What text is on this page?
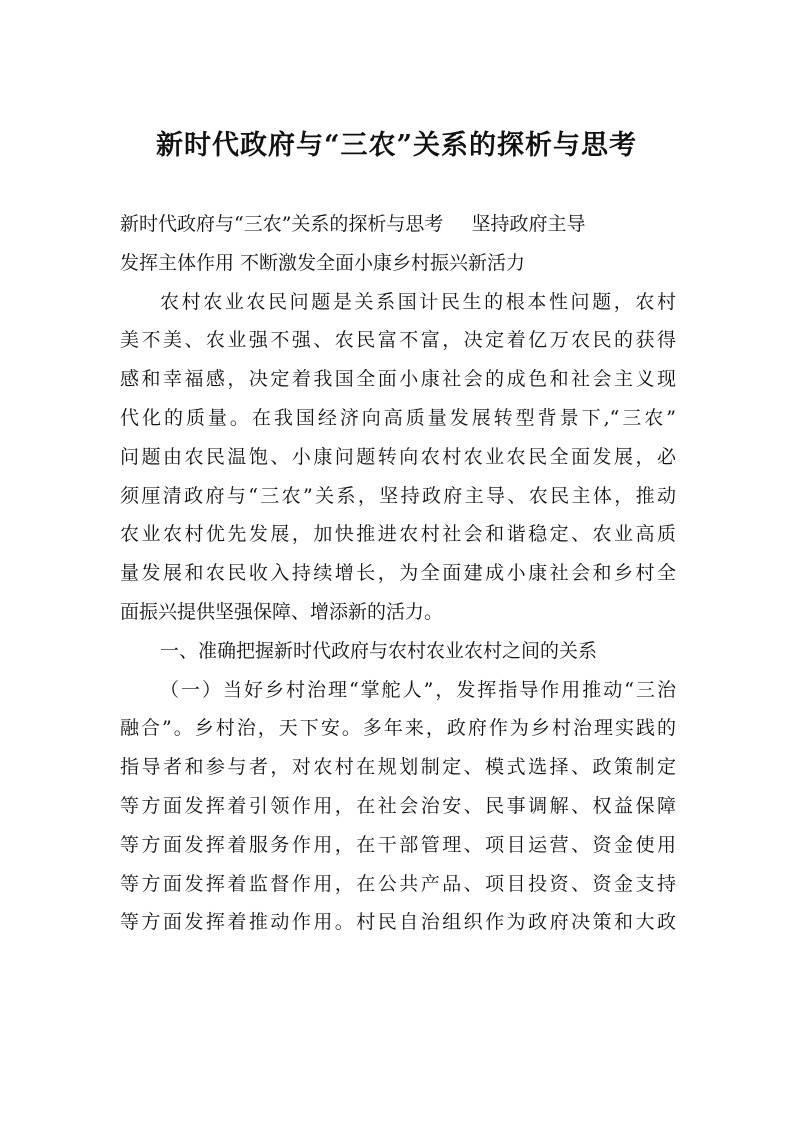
新时代政府与“三农”关系的探析与思考
新时代政府与“三农”关系的探析与思考 坚持政府主导
发挥主体作用 不断激发全面小康乡村振兴新活力
农村农业农民问题是关系国计民生的根本性问题，农村
美不美、农业强不强、农民富不富，决定着亿万农民的获得
感和幸福感，决定着我国全面小康社会的成色和社会主义现
代化的质量。在我国经济向高质量发展转型背景下,“三农”
问题由农民温饱、小康问题转向农村农业农民全面发展，必
须厘清政府与“三农”关系，坚持政府主导、农民主体，推动
农业农村优先发展，加快推进农村社会和谐稳定、农业高质
量发展和农民收入持续增长，为全面建成小康社会和乡村全
面振兴提供坚强保障、增添新的活力。
一、准确把握新时代政府与农村农业农村之间的关系
（一）当好乡村治理“掌舵人”，发挥指导作用推动“三治
融合”。乡村治，天下安。多年来，政府作为乡村治理实践的
指导者和参与者，对农村在规划制定、模式选择、政策制定
等方面发挥着引领作用，在社会治安、民事调解、权益保障
等方面发挥着服务作用，在干部管理、项目运营、资金使用
等方面发挥着监督作用，在公共产品、项目投资、资金支持
等方面发挥着推动作用。村民自治组织作为政府决策和大政
